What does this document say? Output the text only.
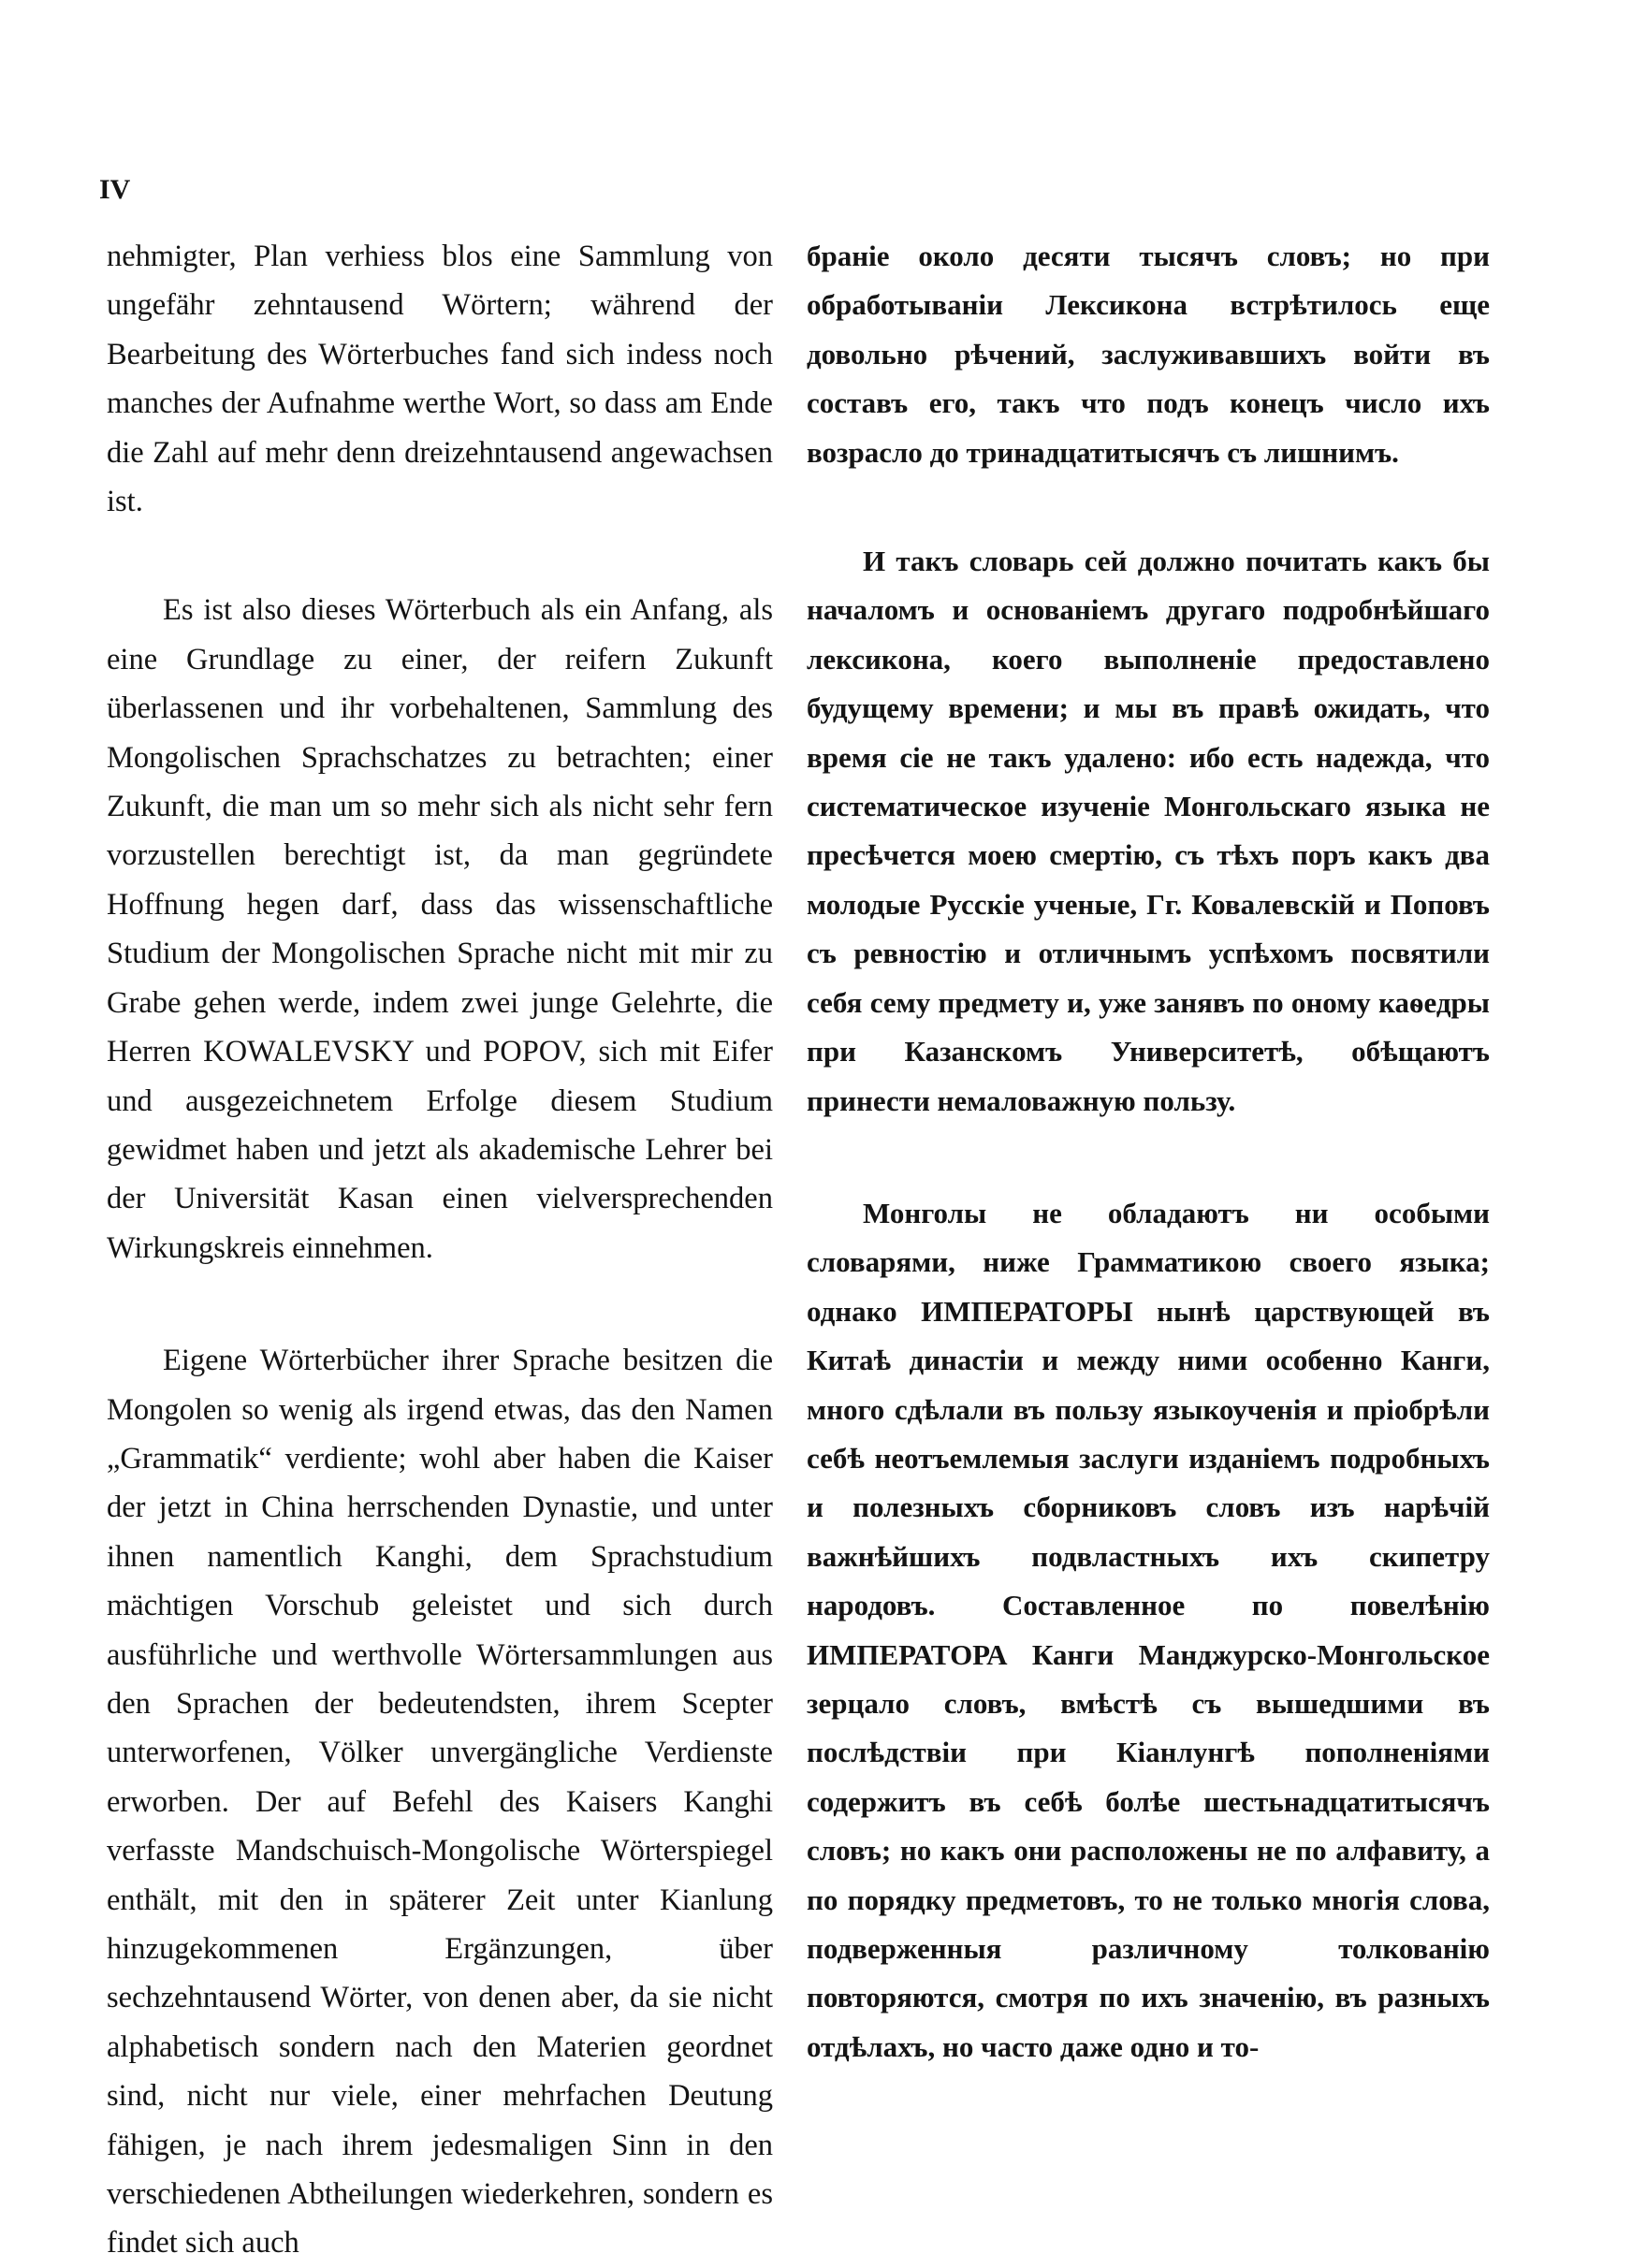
IV

nehmigter, Plan verhiess blos eine Sammlung von ungefähr zehntausend Wörtern; während der Bearbeitung des Wörterbuches fand sich indess noch manches der Aufnahme werthe Wort, so dass am Ende die Zahl auf mehr denn dreizehntausend angewachsen ist.

Es ist also dieses Wörterbuch als ein Anfang, als eine Grundlage zu einer, der reifern Zukunft überlassenen und ihr vorbehaltenen, Sammlung des Mongolischen Sprachschatzes zu betrachten; einer Zukunft, die man um so mehr sich als nicht sehr fern vorzustellen berechtigt ist, da man gegründete Hoffnung hegen darf, dass das wissenschaftliche Studium der Mongolischen Sprache nicht mit mir zu Grabe gehen werde, indem zwei junge Gelehrte, die Herren KOWALEVSKY und POPOV, sich mit Eifer und ausgezeichnetem Erfolge diesem Studium gewidmet haben und jetzt als akademische Lehrer bei der Universität Kasan einen vielversprechenden Wirkungskreis einnehmen.

Eigene Wörterbücher ihrer Sprache besitzen die Mongolen so wenig als irgend etwas, das den Namen „Grammatik“ verdiente; wohl aber haben die Kaiser der jetzt in China herrschenden Dynastie, und unter ihnen namentlich Kanghi, dem Sprachstudium mächtigen Vorschub geleistet und sich durch ausführliche und werthvolle Wörtersammlungen aus den Sprachen der bedeutendsten, ihrem Scepter unterworfenen, Völker unvergängliche Verdienste erworben. Der auf Befehl des Kaisers Kanghi verfasste Mandschuisch-Mongolische Wörterspiegel enthält, mit den in späterer Zeit unter Kianlung hinzugekommenen Ergänzungen, über sechzehntausend Wörter, von denen aber, da sie nicht alphabetisch sondern nach den Materien geordnet sind, nicht nur viele, einer mehrfachen Deutung fähigen, je nach ihrem jedesmaligen Sinn in den verschiedenen Abtheilungen wiederkehren, sondern es findet sich auch

браніе около десяти тысячъ словъ; но при обработываніи Лексикона встрѣтилось еще довольно рѣчений, заслуживавшихъ войти въ составъ его, такъ что подъ конецъ число ихъ возрасло до тринадцатитысячъ съ лишнимъ.

И такъ словарь сей должно почитать какъ бы началомъ и основаніемъ другаго подробнѣйшаго лексикона, коего выполненіе предоставлено будущему времени; и мы въ правѣ ожидать, что время сіе не такъ удалено: ибо есть надежда, что систематическое изученіе Монгольскаго языка не пресѣчется моею смертію, съ тѣхъ поръ какъ два молодые Русскіе ученые, Гг. Ковалевскій и Поповъ съ ревностію и отличнымъ успѣхомъ посвятили себя сему предмету и, уже занявъ по оному каѳедры при Казанскомъ Университетѣ, обѣщаютъ принести немаловажную пользу.

Монголы не обладаютъ ни особыми словарями, ниже Грамматикою своего языка; однако ИМПЕРАТОРЫ нынѣ царствующей въ Китаѣ династіи и между ними особенно Канги, много сдѣлали въ пользу языкоученія и пріобрѣли себѣ неотъемлемыя заслуги изданіемъ подробныхъ и полезныхъ сборниковъ словъ изъ нарѣчій важнѣйшихъ подвластныхъ ихъ скипетру народовъ. Составленное по повелѣнію ИМПЕРАТОРА Канги Манджурско-Монгольское зерцало словъ, вмѣстѣ съ вышедшими въ послѣдствіи при Кіанлунгѣ пополненіями содержитъ въ себѣ болѣе шестьнадцатитысячъ словъ; но какъ они расположены не по алфавиту, а по порядку предметовъ, то не только многія слова, подверженныя различному толкованію повторяются, смотря по ихъ значенію, въ разныхъ отдѣлахъ, но часто даже одно и то-
